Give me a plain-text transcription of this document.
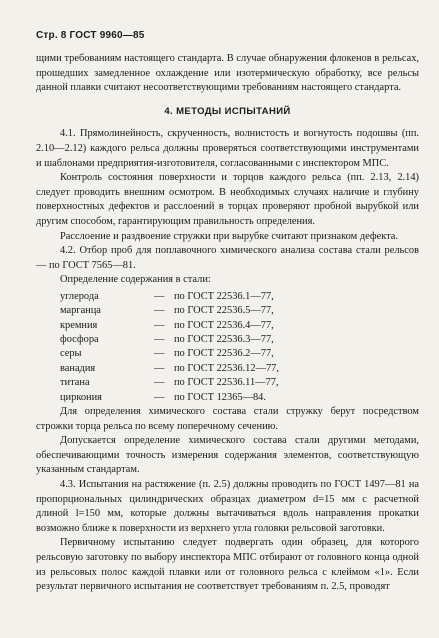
Стр. 8 ГОСТ 9960—85

щими требованиям настоящего стандарта. В случае обнаружения флокенов в рельсах, прошедших замедленное охлаждение или изотермическую обработку, все рельсы данной плавки считают несоответствующими требованиям настоящего стандарта.

4. МЕТОДЫ ИСПЫТАНИЙ

4.1. Прямолинейность, скрученность, волнистость и вогнутость подошвы (пп. 2.10—2.12) каждого рельса должны проверяться соответствующими инструментами и шаблонами предприятия-изготовителя, согласованными с инспектором МПС.

Контроль состояния поверхности и торцов каждого рельса (пп. 2.13, 2.14) следует проводить внешним осмотром. В необходимых случаях наличие и глубину поверхностных дефектов и расслоений в торцах проверяют пробной вырубкой или другим способом, гарантирующим правильность определения.

Расслоение и раздвоение стружки при вырубке считают признаком дефекта.

4.2. Отбор проб для поплавочного химического анализа состава стали рельсов — по ГОСТ 7565—81.

Определение содержания в стали:

углерода	— по ГОСТ 22536.1—77,
марганца	— по ГОСТ 22536.5—77,
кремния	— по ГОСТ 22536.4—77,
фосфора	— по ГОСТ 22536.3—77,
серы	— по ГОСТ 22536.2—77,
ванадия	— по ГОСТ 22536.12—77,
титана	— по ГОСТ 22536.11—77,
циркония	— по ГОСТ 12365—84.

Для определения химического состава стали стружку берут посредством строжки торца рельса по всему поперечному сечению.

Допускается определение химического состава стали другими методами, обеспечивающими точность измерения содержания элементов, соответствующую указанным стандартам.

4.3. Испытания на растяжение (п. 2.5) должны проводить по ГОСТ 1497—81 на пропорциональных цилиндрических образцах диаметром d=15 мм с расчетной длиной l=150 мм, которые должны вытачиваться вдоль направления прокатки возможно ближе к поверхности из верхнего угла головки рельсовой заготовки.

Первичному испытанию следует подвергать один образец, для которого рельсовую заготовку по выбору инспектора МПС отбирают от головного конца одной из рельсовых полос каждой плавки или от головного рельса с клеймом «1». Если результат первичного испытания не соответствует требованиям п. 2.5, проводят
